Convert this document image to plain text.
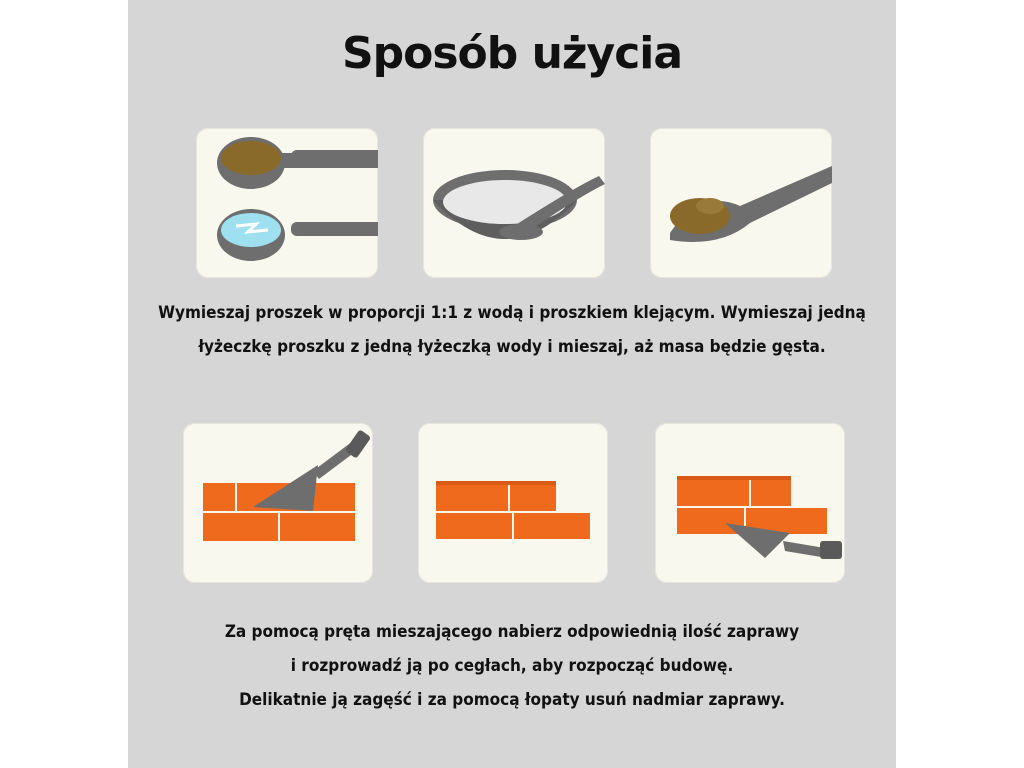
Sposób użycia
Wymieszaj proszek w proporcji 1:1 z wodą i proszkiem klejącym. Wymieszaj jedną
łyżeczkę proszku z jedną łyżeczką wody i mieszaj, aż masa będzie gęsta.
Za pomocą pręta mieszającego nabierz odpowiednią ilość zaprawy
i rozprowadź ją po cegłach, aby rozpocząć budowę.
Delikatnie ją zagęść i za pomocą łopaty usuń nadmiar zaprawy.
